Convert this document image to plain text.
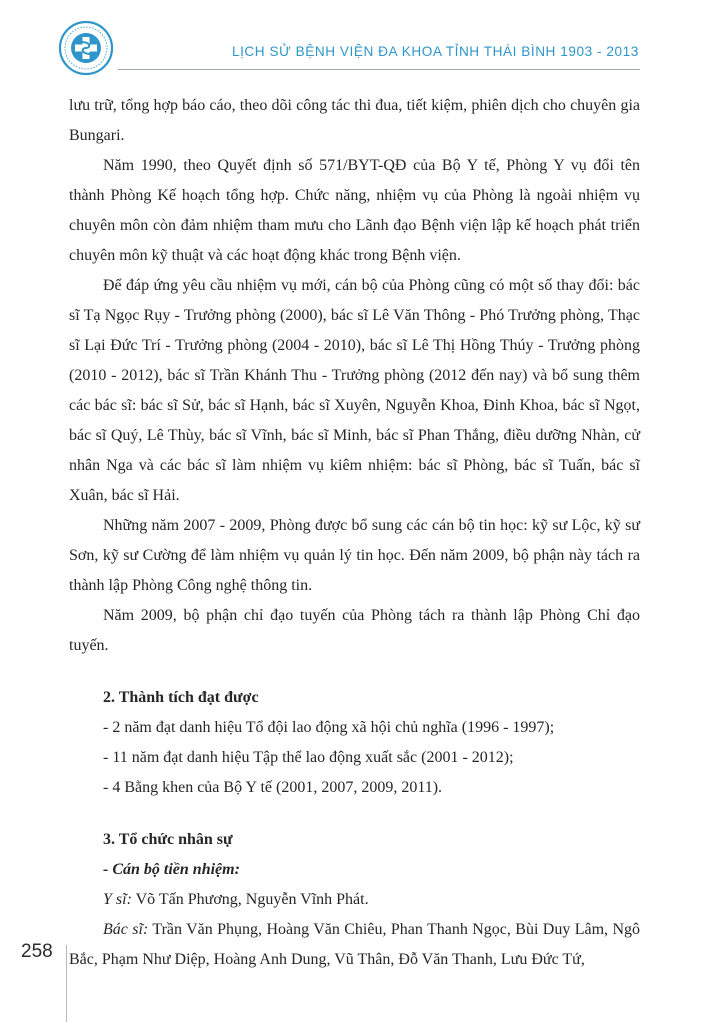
LỊCH SỬ BỆNH VIỆN ĐA KHOA TỈNH THÁI BÌNH 1903 - 2013

lưu trữ, tổng hợp báo cáo, theo dõi công tác thi đua, tiết kiệm, phiên dịch cho chuyên gia Bungari.

Năm 1990, theo Quyết định số 571/BYT-QĐ của Bộ Y tế, Phòng Y vụ đổi tên thành Phòng Kế hoạch tổng hợp. Chức năng, nhiệm vụ của Phòng là ngoài nhiệm vụ chuyên môn còn đảm nhiệm tham mưu cho Lãnh đạo Bệnh viện lập kế hoạch phát triển chuyên môn kỹ thuật và các hoạt động khác trong Bệnh viện.

Để đáp ứng yêu cầu nhiệm vụ mới, cán bộ của Phòng cũng có một số thay đổi: bác sĩ Tạ Ngọc Rụy - Trưởng phòng (2000), bác sĩ Lê Văn Thông - Phó Trưởng phòng, Thạc sĩ Lại Đức Trí - Trưởng phòng (2004 - 2010), bác sĩ Lê Thị Hồng Thúy - Trưởng phòng (2010 - 2012), bác sĩ Trần Khánh Thu - Trưởng phòng (2012 đến nay) và bổ sung thêm các bác sĩ: bác sĩ Sử, bác sĩ Hạnh, bác sĩ Xuyên, Nguyễn Khoa, Đinh Khoa, bác sĩ Ngọt, bác sĩ Quý, Lê Thùy, bác sĩ Vĩnh, bác sĩ Minh, bác sĩ Phan Thắng, điều dưỡng Nhàn, cử nhân Nga và các bác sĩ làm nhiệm vụ kiêm nhiệm: bác sĩ Phòng, bác sĩ Tuấn, bác sĩ Xuân, bác sĩ Hải.

Những năm 2007 - 2009, Phòng được bổ sung các cán bộ tin học: kỹ sư Lộc, kỹ sư Sơn, kỹ sư Cường để làm nhiệm vụ quản lý tin học. Đến năm 2009, bộ phận này tách ra thành lập Phòng Công nghệ thông tin.

Năm 2009, bộ phận chỉ đạo tuyến của Phòng tách ra thành lập Phòng Chỉ đạo tuyến.

2. Thành tích đạt được

- 2 năm đạt danh hiệu Tổ đội lao động xã hội chủ nghĩa (1996 - 1997);

- 11 năm đạt danh hiệu Tập thể lao động xuất sắc (2001 - 2012);

- 4 Bằng khen của Bộ Y tế (2001, 2007, 2009, 2011).

3. Tổ chức nhân sự

- Cán bộ tiền nhiệm:

Y sĩ: Võ Tấn Phương, Nguyễn Vĩnh Phát.

Bác sĩ: Trần Văn Phụng, Hoàng Văn Chiêu, Phan Thanh Ngọc, Bùi Duy Lâm, Ngô Bắc, Phạm Như Diệp, Hoàng Anh Dung, Vũ Thân, Đỗ Văn Thanh, Lưu Đức Tứ,

258
